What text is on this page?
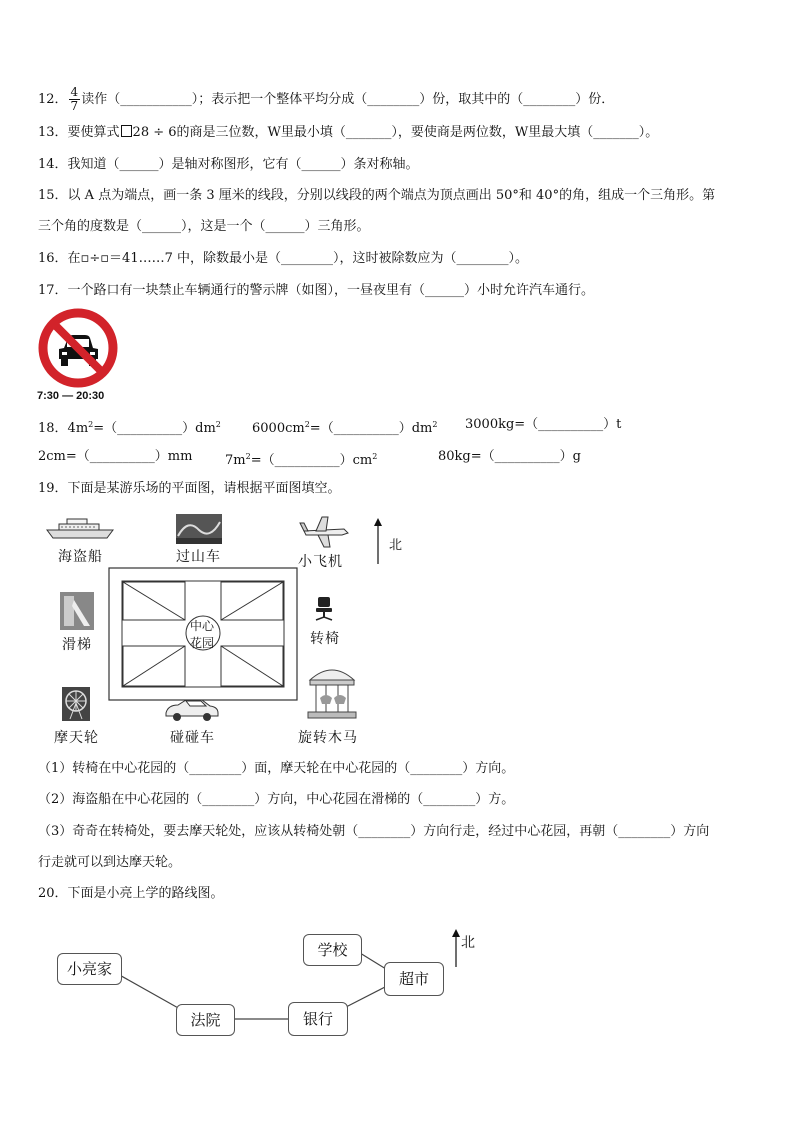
12． $\frac{4}{7}$ 读作（___________）；表示把一个整体平均分成（________）份，取其中的（________）份．
13．要使算式 28 ÷ 6的商是三位数，W里最小填（_______），要使商是两位数，W里最大填（_______）。
14．我知道（______）是轴对称图形，它有（______）条对称轴。
15．以 A 点为端点，画一条 3 厘米的线段，分别以线段的两个端点为顶点画出 50°和 40°的角，组成一个三角形。第
三个角的度数是（______），这是一个（______）三角形。
16．在▫÷▫＝41……7 中，除数最小是（________），这时被除数应为（________）。
17．一个路口有一块禁止车辆通行的警示牌（如图），一昼夜里有（______）小时允许汽车通行。
7:30 — 20:30
18．$4m^2=(\_\_\_\_\_\_\_\_\_\_)dm^2$ $6000cm^2=(\_\_\_\_\_\_\_\_\_\_)dm^2$ 3000kg=（__________）t
2cm=（__________）mm	$7m^2=(\_\_\_\_\_\_\_\_\_\_)cm^2$	80kg=（__________）g
19．下面是某游乐场的平面图，请根据平面图填空。
海盗船	过山车	小飞机
北
滑梯	转椅
中心
花园
旋转木马
摩天轮	碰碰车
（1）转椅在中心花园的（________）面，摩天轮在中心花园的（________）方向。
（2）海盗船在中心花园的（________）方向，中心花园在滑梯的（________）方。
（3）奇奇在转椅处，要去摩天轮处，应该从转椅处朝（________）方向行走，经过中心花园，再朝（________）方向
行走就可以到达摩天轮。
20．下面是小亮上学的路线图。
北
小亮家
法院	银行
学校
超市
